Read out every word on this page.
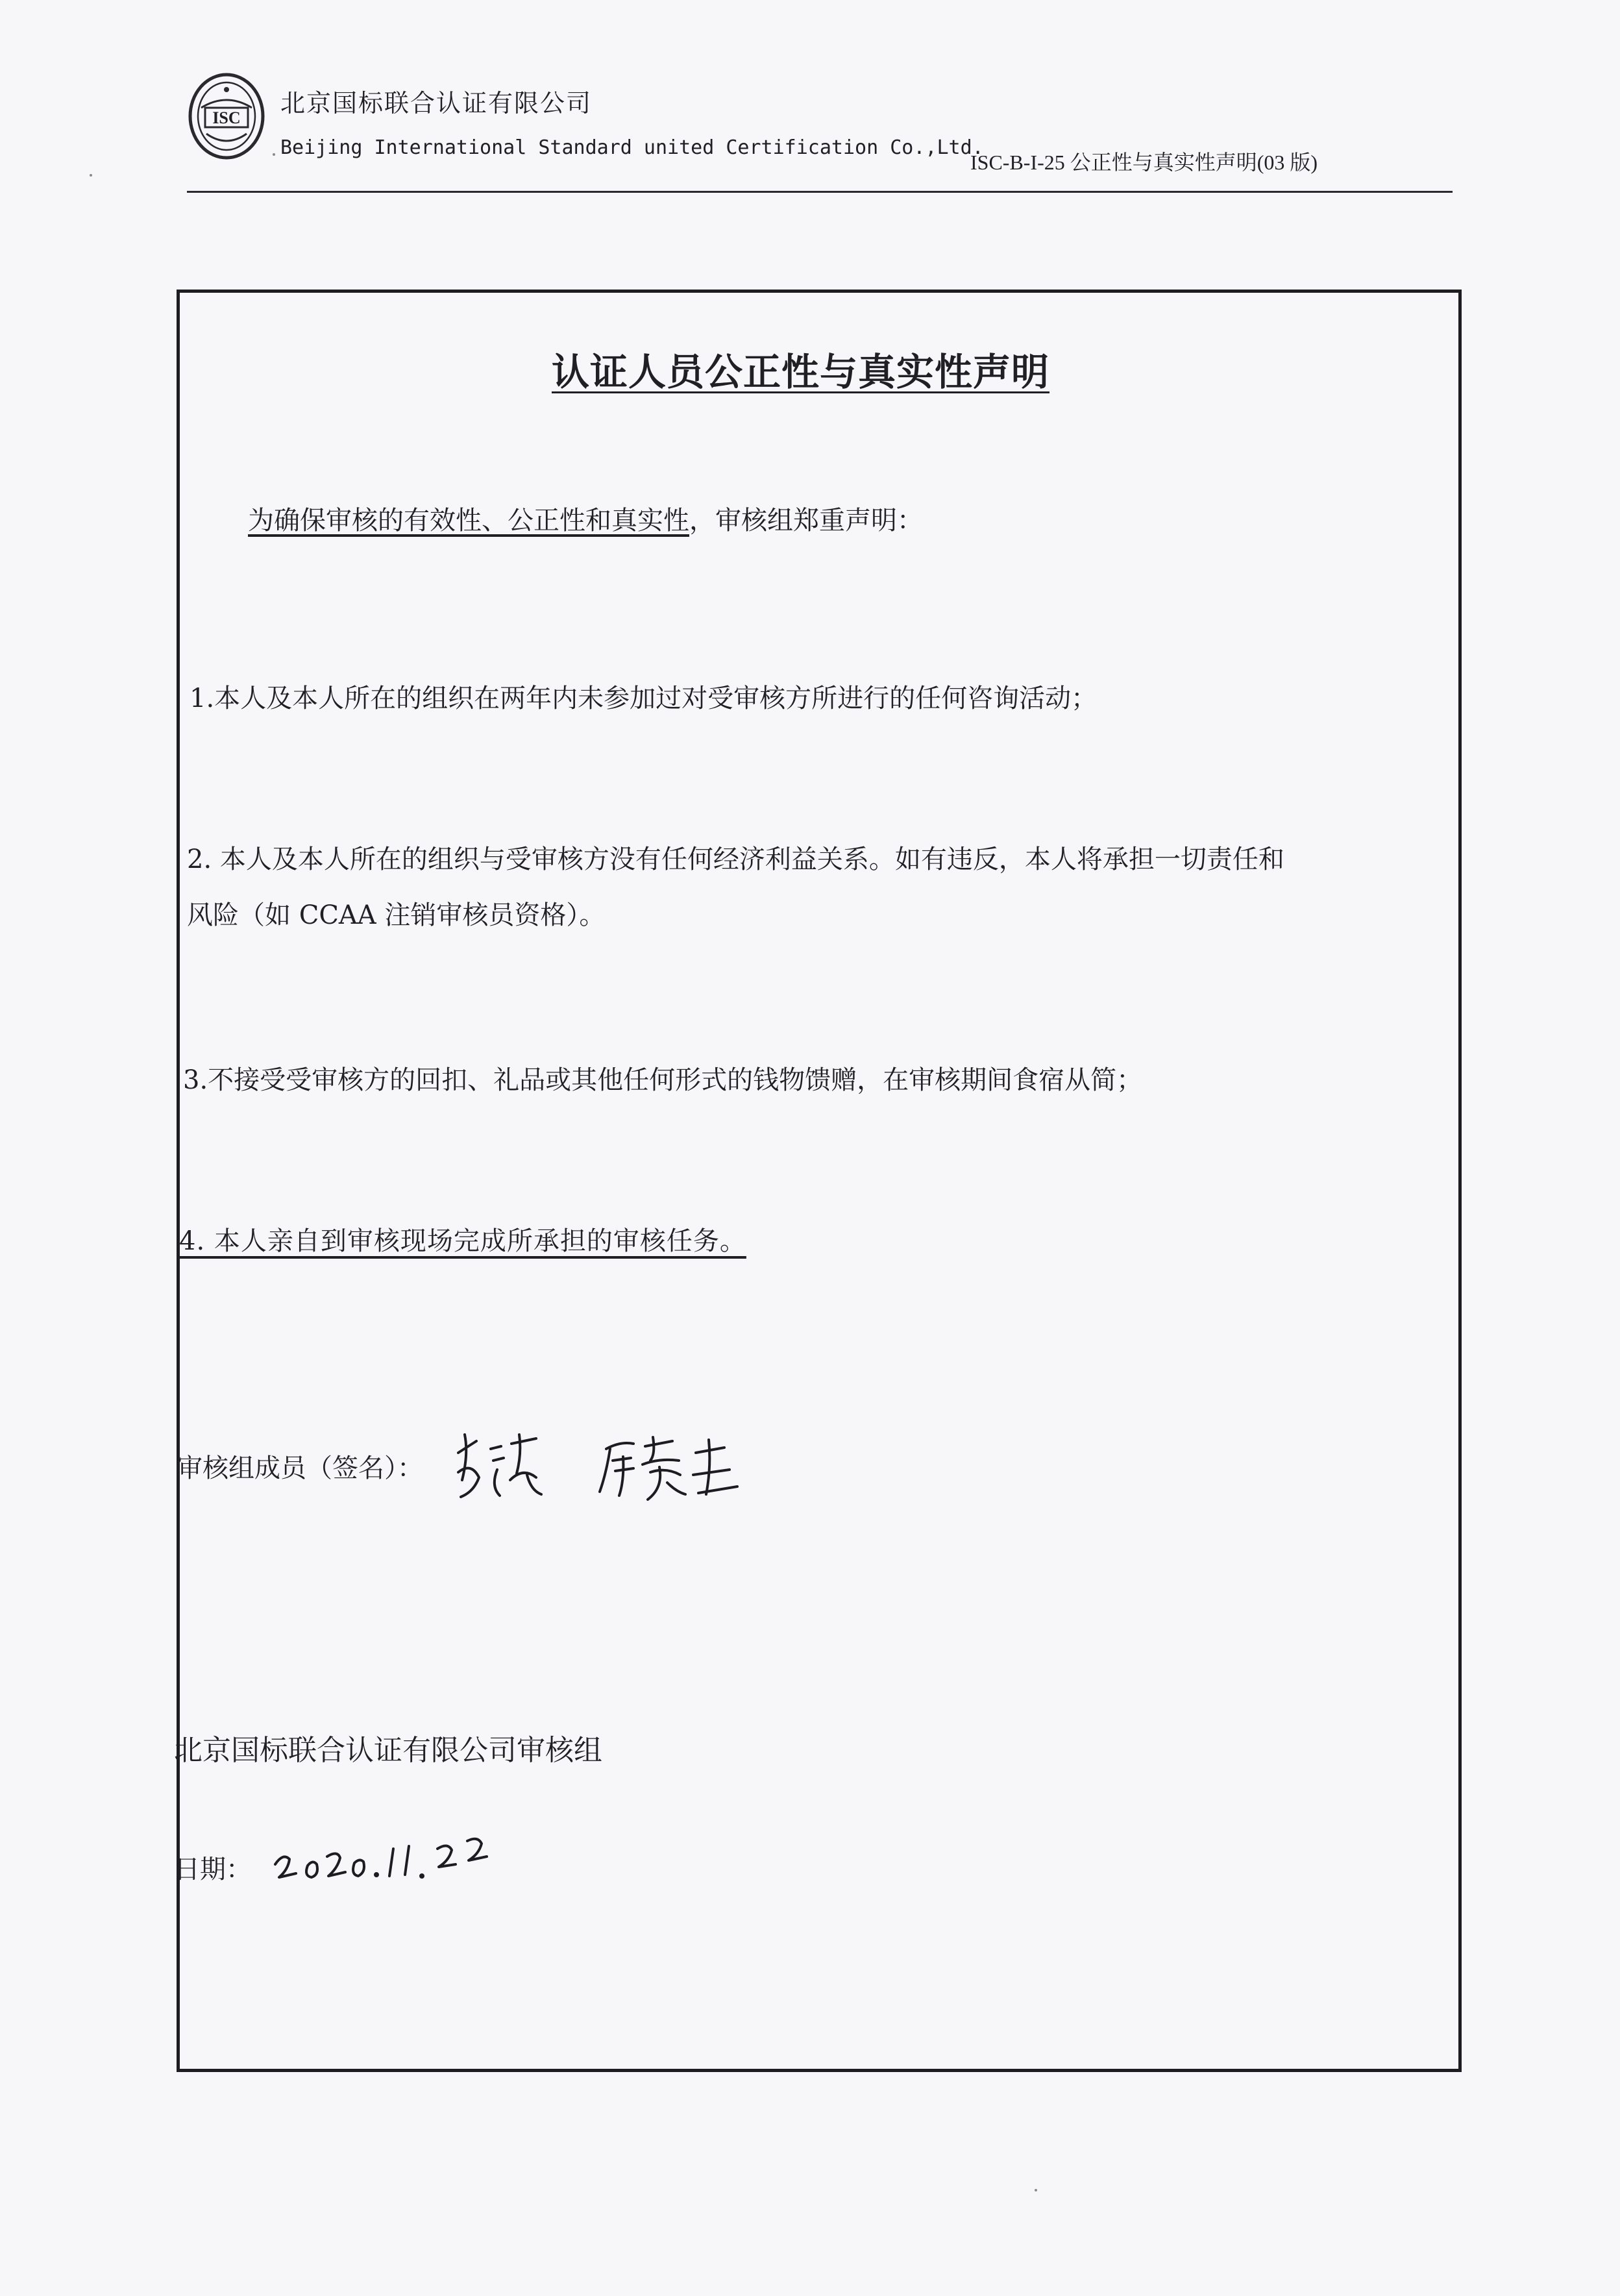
ISC
北京国标联合认证有限公司
Beijing International Standard united Certification Co.,Ltd.
ISC-B-I-25 公正性与真实性声明(03 版)
认证人员公正性与真实性声明
为确保审核的有效性、公正性和真实性，审核组郑重声明：
1.本人及本人所在的组织在两年内未参加过对受审核方所进行的任何咨询活动；
2. 本人及本人所在的组织与受审核方没有任何经济利益关系。如有违反，本人将承担一切责任和
风险（如 CCAA 注销审核员资格）。
3.不接受受审核方的回扣、礼品或其他任何形式的钱物馈赠，在审核期间食宿从简；
4. 本人亲自到审核现场完成所承担的审核任务。
审核组成员（签名）：
北京国标联合认证有限公司审核组
日期：
